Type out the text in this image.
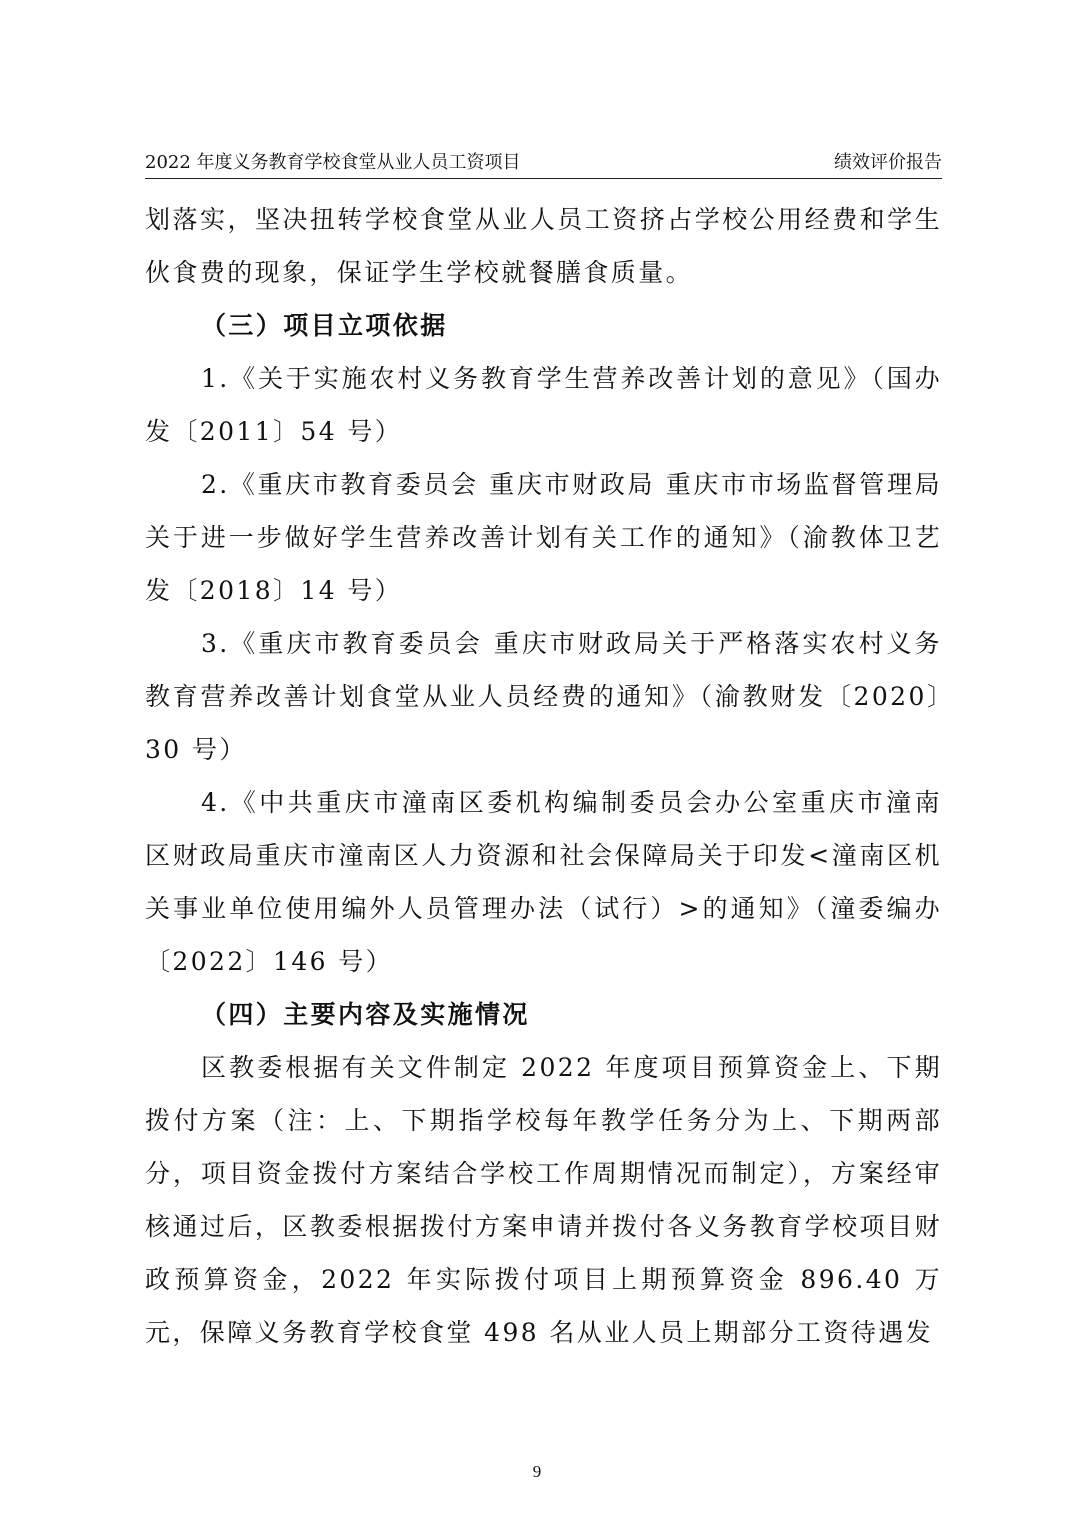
2022 年度义务教育学校食堂从业人员工资项目	绩效评价报告

划落实，坚决扭转学校食堂从业人员工资挤占学校公用经费和学生伙食费的现象，保证学生学校就餐膳食质量。

（三）项目立项依据

1.《关于实施农村义务教育学生营养改善计划的意见》（国办发〔2011〕54 号）

2.《重庆市教育委员会 重庆市财政局 重庆市市场监督管理局关于进一步做好学生营养改善计划有关工作的通知》（渝教体卫艺发〔2018〕14 号）

3.《重庆市教育委员会 重庆市财政局关于严格落实农村义务教育营养改善计划食堂从业人员经费的通知》（渝教财发〔2020〕30 号）

4.《中共重庆市潼南区委机构编制委员会办公室重庆市潼南区财政局重庆市潼南区人力资源和社会保障局关于印发<潼南区机关事业单位使用编外人员管理办法（试行）>的通知》（潼委编办〔2022〕146 号）

（四）主要内容及实施情况

区教委根据有关文件制定 2022 年度项目预算资金上、下期拨付方案（注：上、下期指学校每年教学任务分为上、下期两部分，项目资金拨付方案结合学校工作周期情况而制定），方案经审核通过后，区教委根据拨付方案申请并拨付各义务教育学校项目财政预算资金，2022 年实际拨付项目上期预算资金 896.40 万元，保障义务教育学校食堂 498 名从业人员上期部分工资待遇发

9
